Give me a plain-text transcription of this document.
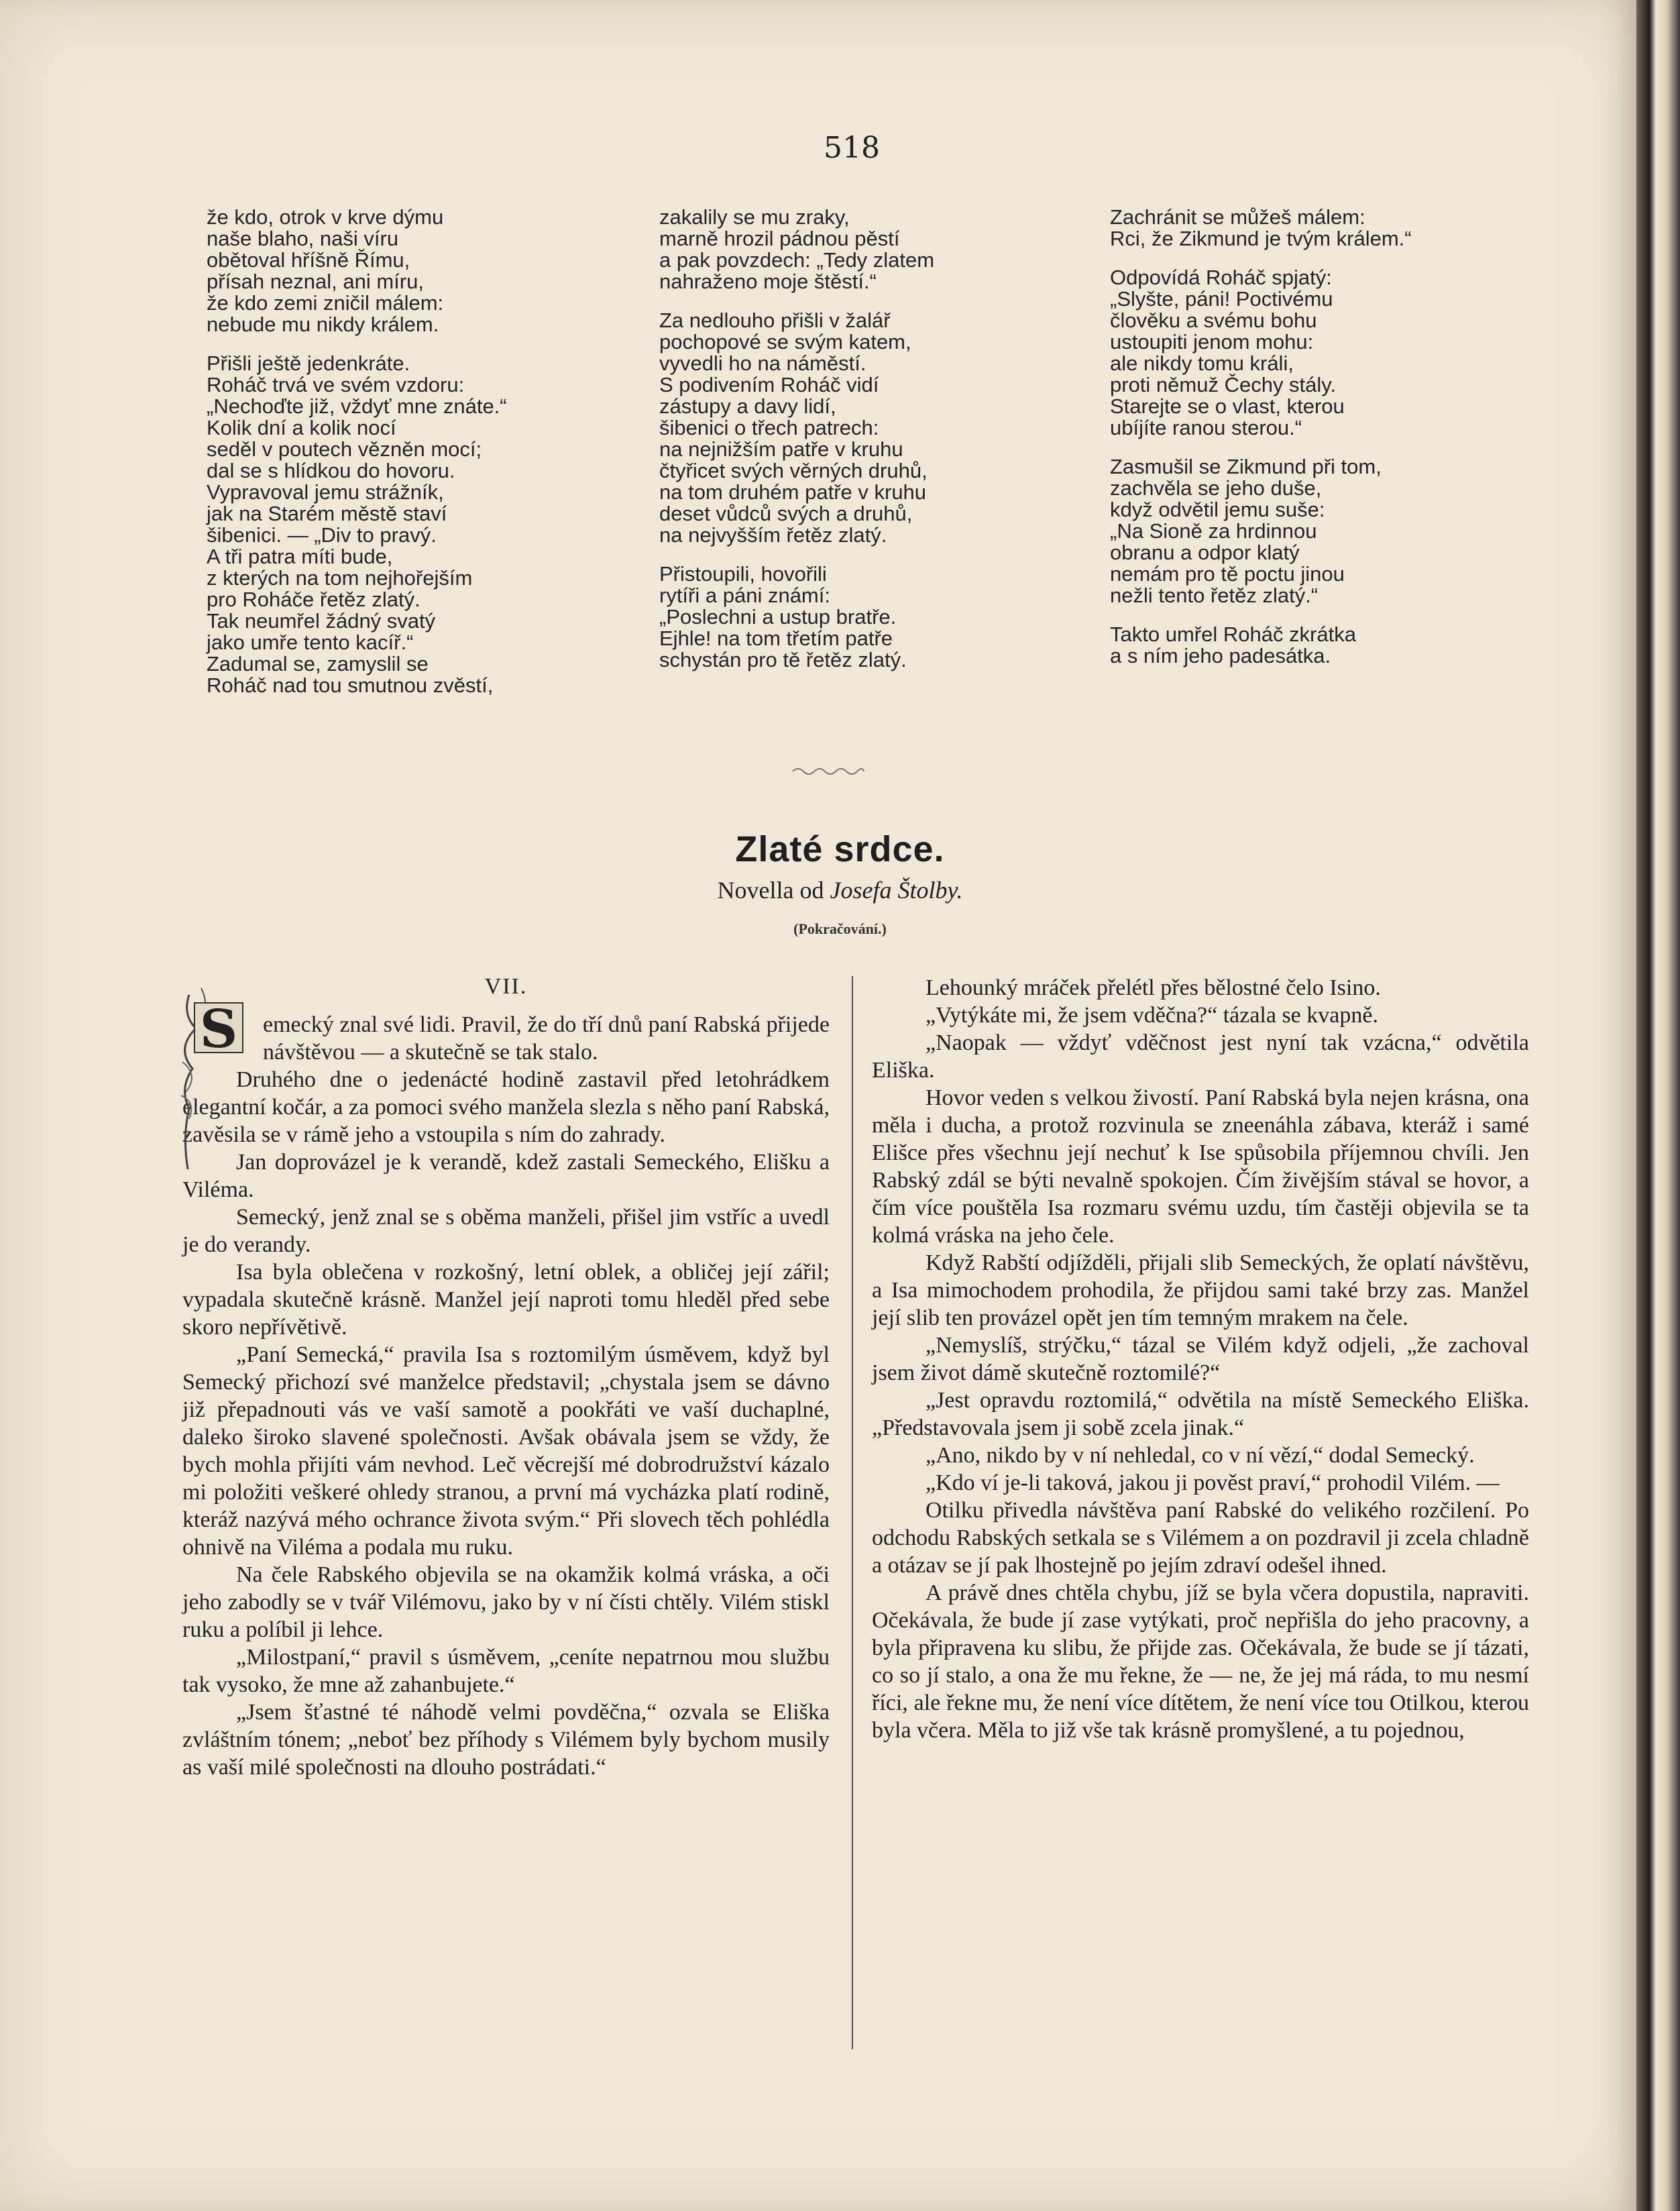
518

že kdo, otrok v krve dýmu

naše blaho, naši víru

obětoval hříšně Římu,

přísah neznal, ani míru,

že kdo zemi zničil málem:

nebude mu nikdy králem.

Přišli ještě jedenkráte.

Roháč trvá ve svém vzdoru:

„Nechoďte již, vždyť mne znáte.“

Kolik dní a kolik nocí

seděl v poutech vězněn mocí;

dal se s hlídkou do hovoru.

Vypravoval jemu strážník,

jak na Starém městě staví

šibenici. — „Div to pravý.

A tři patra míti bude,

z kterých na tom nejhořejším

pro Roháče řetěz zlatý.

Tak neumřel žádný svatý

jako umře tento kacíř.“

Zadumal se, zamyslil se

Roháč nad tou smutnou zvěstí,

zakalily se mu zraky,

marně hrozil pádnou pěstí

a pak povzdech: „Tedy zlatem

nahraženo moje štěstí.“

Za nedlouho přišli v žalář

pochopové se svým katem,

vyvedli ho na náměstí.

S podivením Roháč vidí

zástupy a davy lidí,

šibenici o třech patrech:

na nejnižším patře v kruhu

čtyřicet svých věrných druhů,

na tom druhém patře v kruhu

deset vůdců svých a druhů,

na nejvyšším řetěz zlatý.

Přistoupili, hovořili

rytíři a páni známí:

„Poslechni a ustup bratře.

Ejhle! na tom třetím patře

schystán pro tě řetěz zlatý.

Zachránit se můžeš málem:

Rci, že Zikmund je tvým králem.“

Odpovídá Roháč spjatý:

„Slyšte, páni! Poctivému

člověku a svému bohu

ustoupiti jenom mohu:

ale nikdy tomu králi,

proti němuž Čechy stály.

Starejte se o vlast, kterou

ubíjíte ranou sterou.“

Zasmušil se Zikmund při tom,

zachvěla se jeho duše,

když odvětil jemu suše:

„Na Sioně za hrdinnou

obranu a odpor klatý

nemám pro tě poctu jinou

nežli tento řetěz zlatý.“

Takto umřel Roháč zkrátka

a s ním jeho padesátka.

Zlaté srdce.
Novella od Josefa Štolby.
(Pokračování.)
VII.
S	emecký znal své lidi. Pravil, že do tří dnů paní Rabská přijede návštěvou — a skutečně se tak stalo.

Druhého dne o jedenácté hodině zastavil před letohrádkem elegantní kočár, a za pomoci svého manžela slezla s něho paní Rabská, zavěsila se v rámě jeho a vstoupila s ním do zahrady.

Jan doprovázel je k verandě, kdež zastali Semeckého, Elišku a Viléma.

Semecký, jenž znal se s oběma manželi, přišel jim vstříc a uvedl je do verandy.

Isa byla oblečena v rozkošný, letní oblek, a obličej její zářil; vypadala skutečně krásně. Manžel její naproti tomu hleděl před sebe skoro nepřívětivě.

„Paní Semecká,“ pravila Isa s roztomilým úsměvem, když byl Semecký přichozí své manželce představil; „chystala jsem se dávno již přepadnouti vás ve vaší samotě a pookřáti ve vaší duchaplné, daleko široko slavené společnosti. Avšak obávala jsem se vždy, že bych mohla přijíti vám nevhod. Leč věcrejší mé dobrodružství kázalo mi položiti veškeré ohledy stranou, a první má vycházka platí rodině, kteráž nazývá mého ochrance života svým.“ Při slovech těch pohlédla ohnivě na Viléma a podala mu ruku.

Na čele Rabského objevila se na okamžik kolmá vráska, a oči jeho zabodly se v tvář Vilémovu, jako by v ní čísti chtěly. Vilém stiskl ruku a políbil ji lehce.

„Milostpaní,“ pravil s úsměvem, „ceníte nepatrnou mou službu tak vysoko, že mne až zahanbujete.“

„Jsem šťastné té náhodě velmi povděčna,“ ozvala se Eliška zvláštním tónem; „neboť bez příhody s Vilémem byly bychom musily as vaší milé společnosti na dlouho postrádati.“

Lehounký mráček přelétl přes bělostné čelo Isino.

„Vytýkáte mi, že jsem vděčna?“ tázala se kvapně.

„Naopak — vždyť vděčnost jest nyní tak vzácna,“ odvětila Eliška.

Hovor veden s velkou živostí. Paní Rabská byla nejen krásna, ona měla i ducha, a protož rozvinula se zneenáhla zábava, kteráž i samé Elišce přes všechnu její nechuť k Ise spůsobila příjemnou chvíli. Jen Rabský zdál se býti nevalně spokojen. Čím živějším stával se hovor, a čím více pouštěla Isa rozmaru svému uzdu, tím častěji objevila se ta kolmá vráska na jeho čele.

Když Rabští odjížděli, přijali slib Semeckých, že oplatí návštěvu, a Isa mimochodem prohodila, že přijdou sami také brzy zas. Manžel její slib ten provázel opět jen tím temným mrakem na čele.

„Nemyslíš, strýčku,“ tázal se Vilém když odjeli, „že zachoval jsem život dámě skutečně roztomilé?“

„Jest opravdu roztomilá,“ odvětila na místě Semeckého Eliška. „Představovala jsem ji sobě zcela jinak.“

„Ano, nikdo by v ní nehledal, co v ní vězí,“ dodal Semecký.

„Kdo ví je-li taková, jakou ji pověst praví,“ prohodil Vilém. —

Otilku přivedla návštěva paní Rabské do velikého rozčilení. Po odchodu Rabských setkala se s Vilémem a on pozdravil ji zcela chladně a otázav se jí pak lhostejně po jejím zdraví odešel ihned.

A právě dnes chtěla chybu, jíž se byla včera dopustila, napraviti. Očekávala, že bude jí zase vytýkati, proč nepřišla do jeho pracovny, a byla připravena ku slibu, že přijde zas. Očekávala, že bude se jí tázati, co so jí stalo, a ona že mu řekne, že — ne, že jej má ráda, to mu nesmí říci, ale řekne mu, že není více dítětem, že není více tou Otilkou, kterou byla včera. Měla to již vše tak krásně promyšlené, a tu pojednou,
